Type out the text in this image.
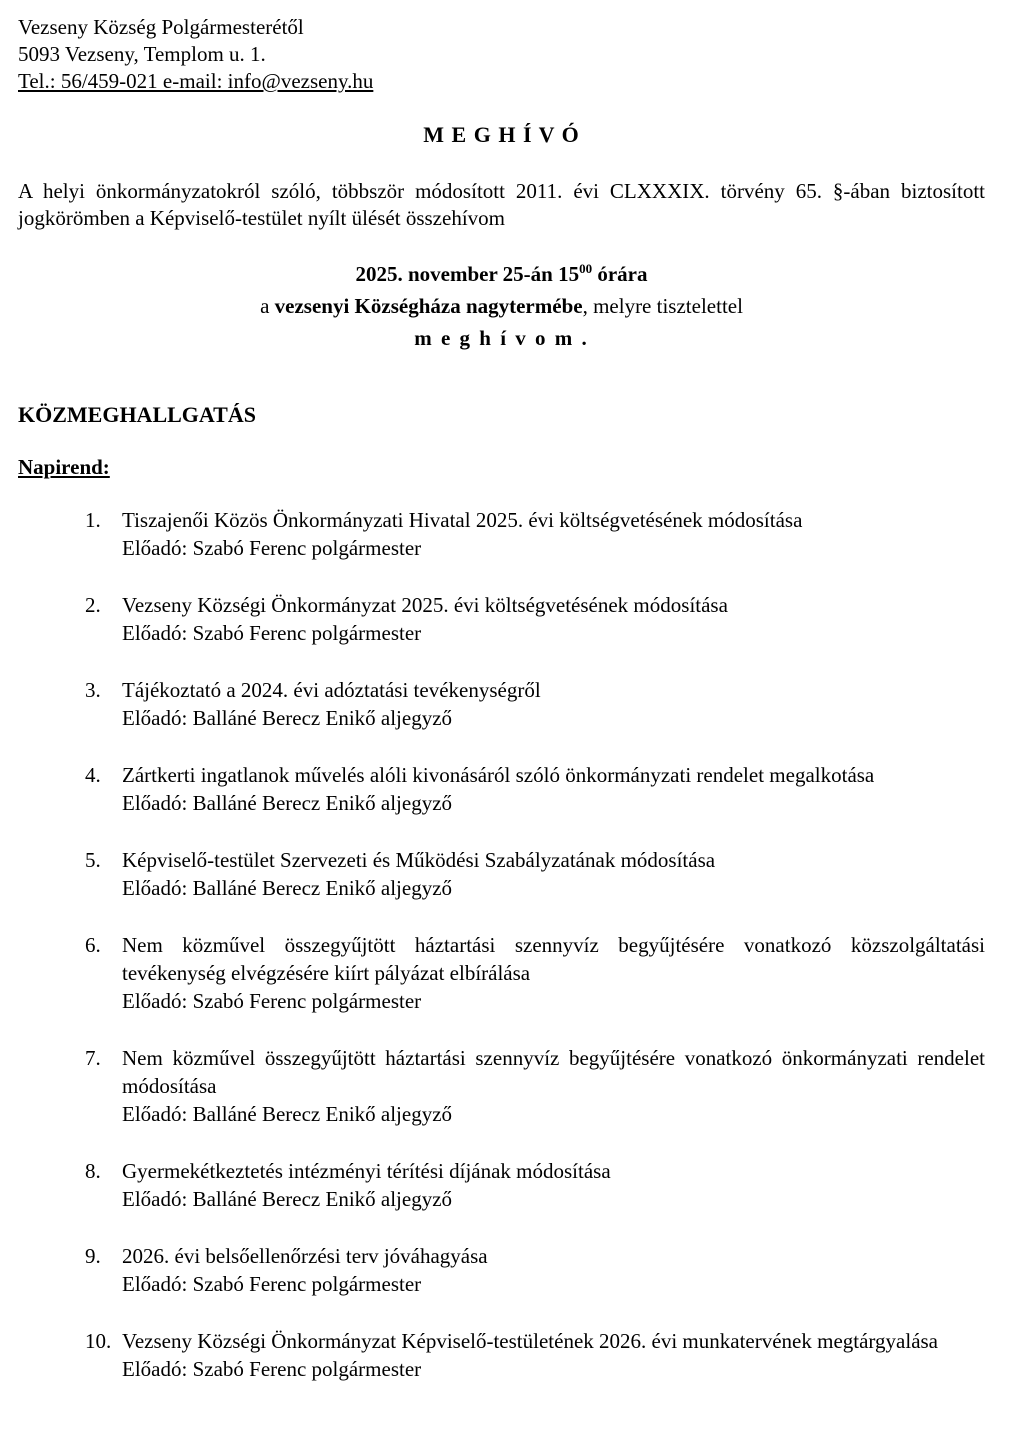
Vezseny Község Polgármesterétől
5093 Vezseny, Templom u. 1.
Tel.: 56/459-021 e-mail: info@vezseny.hu
M E G H Í V Ó

A helyi önkormányzatokról szóló, többször módosított 2011. évi CLXXXIX. törvény 65. §-ában biztosított jogkörömben a Képviselő-testület nyílt ülését összehívom

2025. november 25-án $15^{00}$ órára
a vezsenyi Községháza nagytermébe, melyre tisztelettel
m e g h í v o m .
KÖZMEGHALLGATÁS
Napirend:
1. Tiszajenői Közös Önkormányzati Hivatal 2025. évi költségvetésének módosítása
Előadó: Szabó Ferenc polgármester
2. Vezseny Községi Önkormányzat 2025. évi költségvetésének módosítása
Előadó: Szabó Ferenc polgármester
3. Tájékoztató a 2024. évi adóztatási tevékenységről
Előadó: Balláné Berecz Enikő aljegyző
4. Zártkerti ingatlanok művelés alóli kivonásáról szóló önkormányzati rendelet megalkotása
Előadó: Balláné Berecz Enikő aljegyző
5. Képviselő-testület Szervezeti és Működési Szabályzatának módosítása
Előadó: Balláné Berecz Enikő aljegyző
6. Nem közművel összegyűjtött háztartási szennyvíz begyűjtésére vonatkozó közszolgáltatási tevékenység elvégzésére kiírt pályázat elbírálása
Előadó: Szabó Ferenc polgármester
7. Nem közművel összegyűjtött háztartási szennyvíz begyűjtésére vonatkozó önkormányzati rendelet módosítása
Előadó: Balláné Berecz Enikő aljegyző
8. Gyermekétkeztetés intézményi térítési díjának módosítása
Előadó: Balláné Berecz Enikő aljegyző
9. 2026. évi belsőellenőrzési terv jóváhagyása
Előadó: Szabó Ferenc polgármester
10. Vezseny Községi Önkormányzat Képviselő-testületének 2026. évi munkatervének megtárgyalása
Előadó: Szabó Ferenc polgármester
